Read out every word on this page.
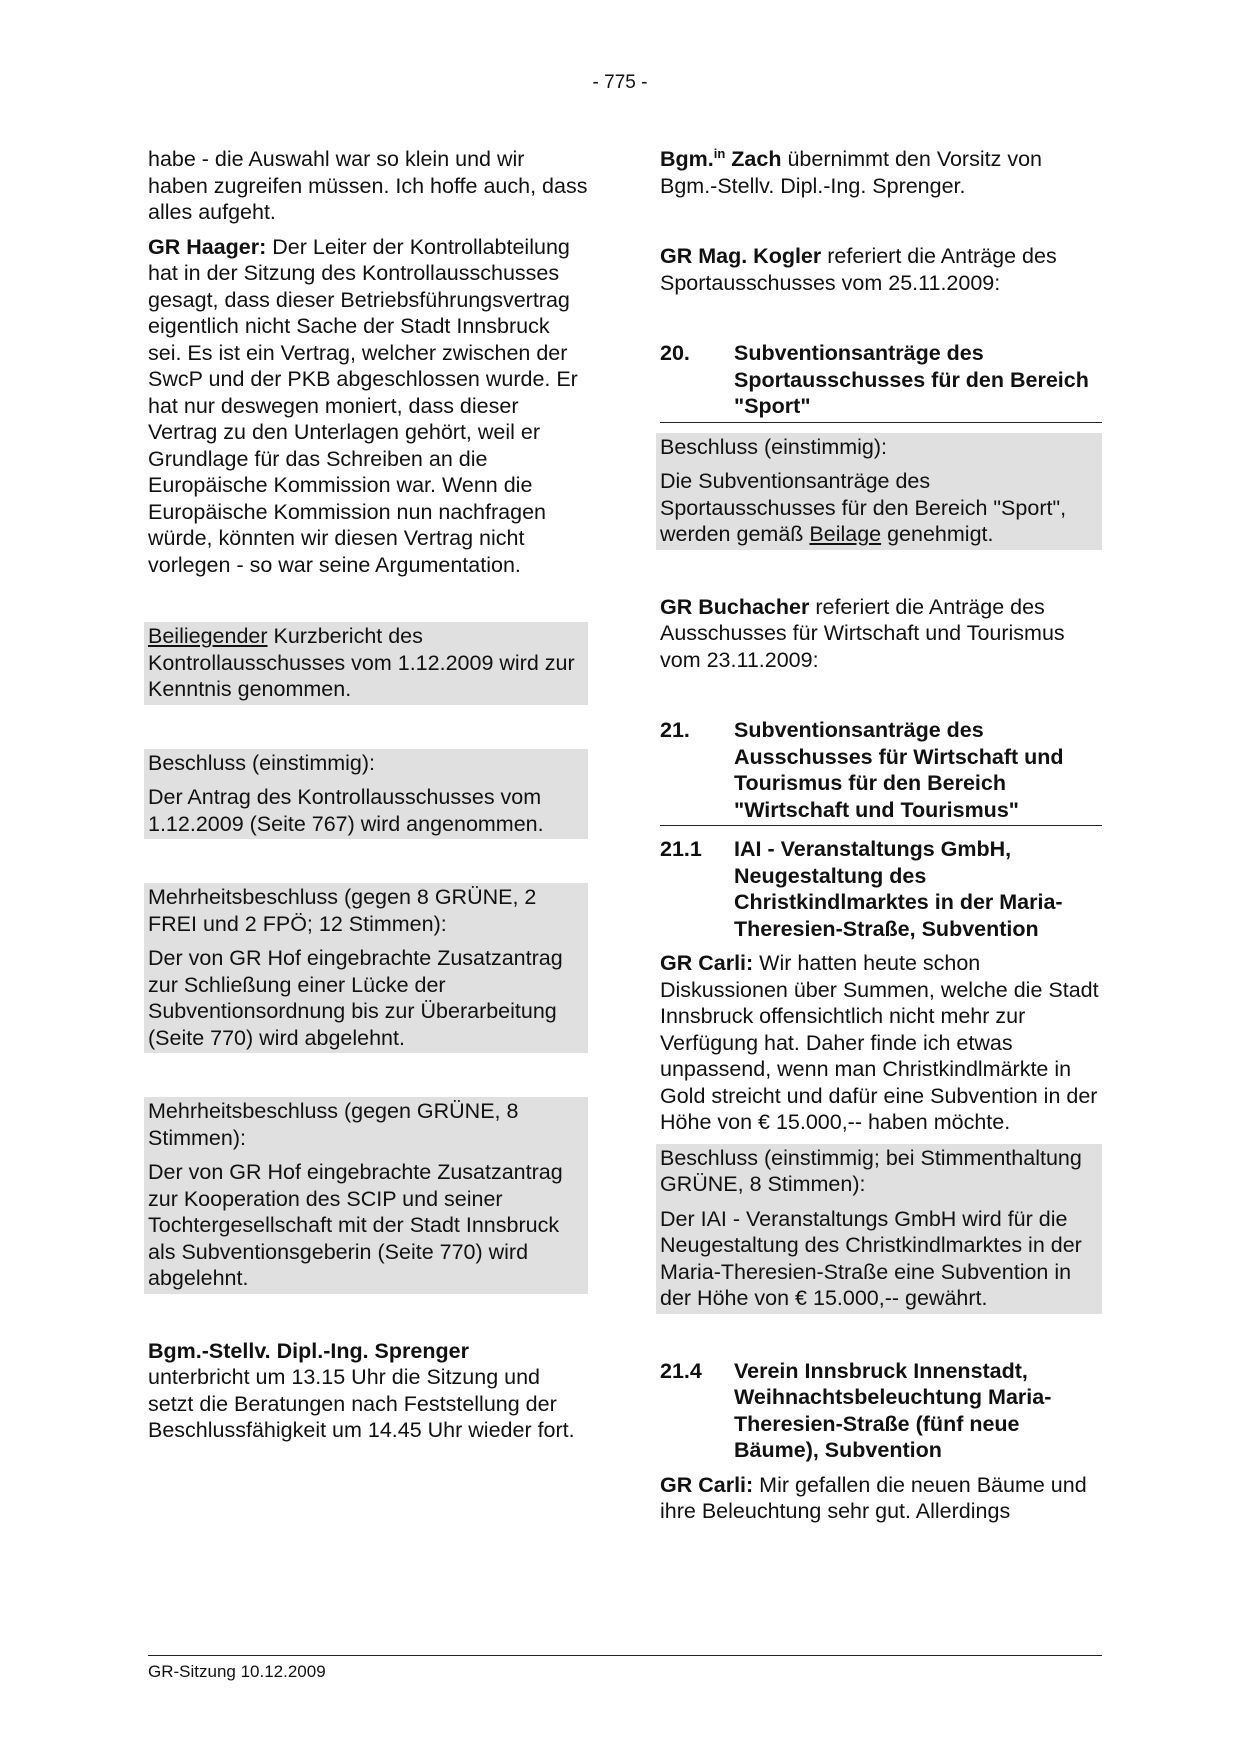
- 775 -

habe - die Auswahl war so klein und wir haben zugreifen müssen. Ich hoffe auch, dass alles aufgeht.

GR Haager: Der Leiter der Kontrollabteilung hat in der Sitzung des Kontrollausschusses gesagt, dass dieser Betriebsführungsvertrag eigentlich nicht Sache der Stadt Innsbruck sei. Es ist ein Vertrag, welcher zwischen der SwcP und der PKB abgeschlossen wurde. Er hat nur deswegen moniert, dass dieser Vertrag zu den Unterlagen gehört, weil er Grundlage für das Schreiben an die Europäische Kommission war. Wenn die Europäische Kommission nun nachfragen würde, könnten wir diesen Vertrag nicht vorlegen - so war seine Argumentation.

Beiliegender Kurzbericht des Kontrollausschusses vom 1.12.2009 wird zur Kenntnis genommen.

Beschluss (einstimmig):

Der Antrag des Kontrollausschusses vom 1.12.2009 (Seite 767) wird angenommen.

Mehrheitsbeschluss (gegen 8 GRÜNE, 2 FREI und 2 FPÖ; 12 Stimmen):

Der von GR Hof eingebrachte Zusatzantrag zur Schließung einer Lücke der Subventionsordnung bis zur Überarbeitung (Seite 770) wird abgelehnt.

Mehrheitsbeschluss (gegen GRÜNE, 8 Stimmen):

Der von GR Hof eingebrachte Zusatzantrag zur Kooperation des SCIP und seiner Tochtergesellschaft mit der Stadt Innsbruck als Subventionsgeberin (Seite 770) wird abgelehnt.

Bgm.-Stellv. Dipl.-Ing. Sprenger
unterbricht um 13.15 Uhr die Sitzung und setzt die Beratungen nach Feststellung der Beschlussfähigkeit um 14.45 Uhr wieder fort.

Bgm.$^{in}$ Zach übernimmt den Vorsitz von Bgm.-Stellv. Dipl.-Ing. Sprenger.

GR Mag. Kogler referiert die Anträge des Sportausschusses vom 25.11.2009:

20.	Subventionsanträge des Sportausschusses für den Bereich "Sport"

Beschluss (einstimmig):

Die Subventionsanträge des Sportausschusses für den Bereich "Sport", werden gemäß Beilage genehmigt.

GR Buchacher referiert die Anträge des Ausschusses für Wirtschaft und Tourismus vom 23.11.2009:

21.	Subventionsanträge des Ausschusses für Wirtschaft und Tourismus für den Bereich "Wirtschaft und Tourismus"
21.1	IAI - Veranstaltungs GmbH, Neugestaltung des Christkindlmarktes in der Maria-Theresien-Straße, Subvention

GR Carli: Wir hatten heute schon Diskussionen über Summen, welche die Stadt Innsbruck offensichtlich nicht mehr zur Verfügung hat. Daher finde ich etwas unpassend, wenn man Christkindlmärkte in Gold streicht und dafür eine Subvention in der Höhe von € 15.000,-- haben möchte.

Beschluss (einstimmig; bei Stimmenthaltung GRÜNE, 8 Stimmen):

Der IAI - Veranstaltungs GmbH wird für die Neugestaltung des Christkindlmarktes in der Maria-Theresien-Straße eine Subvention in der Höhe von € 15.000,-- gewährt.

21.4	Verein Innsbruck Innenstadt, Weihnachtsbeleuchtung Maria-Theresien-Straße (fünf neue Bäume), Subvention

GR Carli: Mir gefallen die neuen Bäume und ihre Beleuchtung sehr gut. Allerdings

GR-Sitzung 10.12.2009
